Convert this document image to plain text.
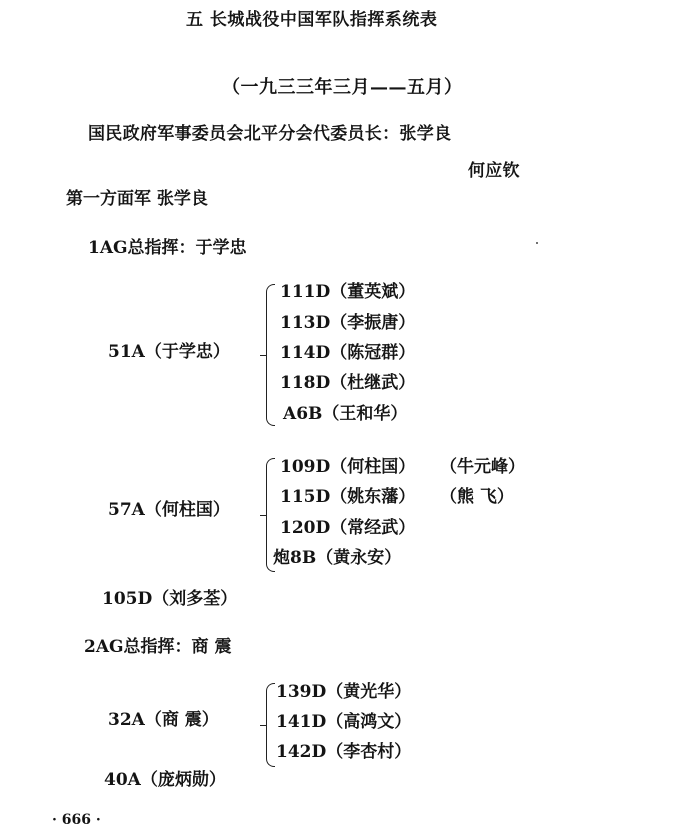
五 长城战役中国军队指挥系统表
（一九三三年三月——五月）
国民政府军事委员会北平分会代委员长：张学良
何应钦
第一方面军 张学良
1AG总指挥：于学忠
51A（于学忠）
111D（董英斌）
113D（李振唐）
114D（陈冠群）
118D（杜继武）
A6B（王和华）
57A（何柱国）
109D（何柱国） （牛元峰）
115D（姚东藩） （熊 飞）
120D（常经武）
炮8B（黄永安）
105D（刘多荃）
2AG总指挥：商 震
32A（商 震）
139D（黄光华）
141D（高鸿文）
142D（李杏村）
40A（庞炳勋）
· 666 ·
